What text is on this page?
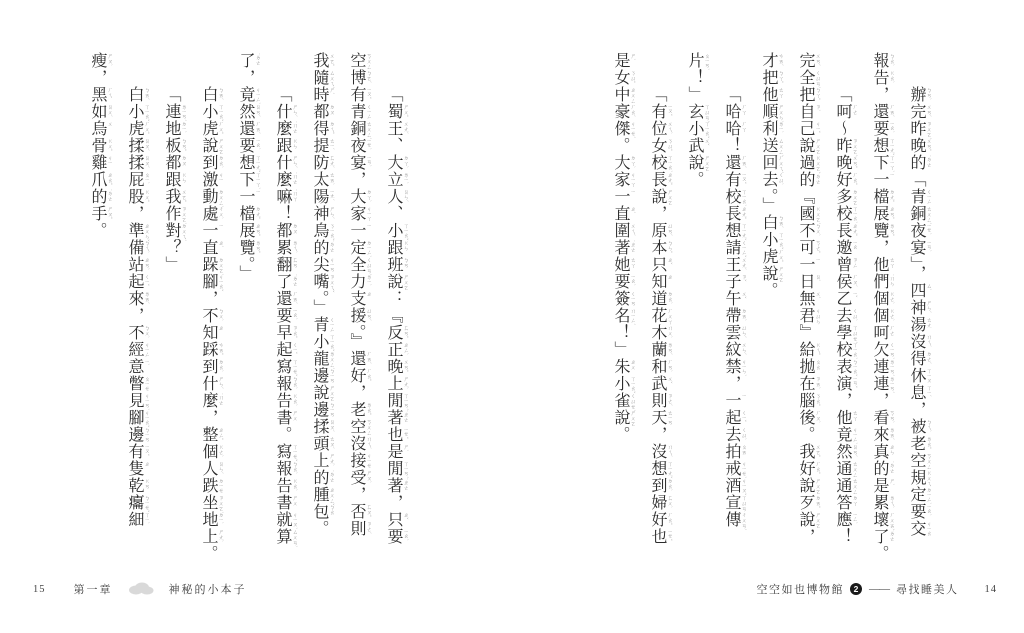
「蜀 ㄕㄨˇ
王 ㄨㄤˊ
、大 ㄉㄚˋ
立 ㄌㄧˋ
人 ㄖㄣˊ
、小 ㄒㄧㄠˇ
跟 ㄍㄣ
班 ㄅㄢ
說 ㄕㄨㄛ
：『反 ㄈㄢˇ
正 ㄓㄥˋ
晚 ㄨㄢˇ
上 ㄕㄤˋ
閒 ㄒㄧㄢˊ
著 ˙ㄓㄜ
也 ㄧㄝˇ
是 ㄕˋ
閒 ㄒㄧㄢˊ
著 ˙ㄓㄜ
，只 ㄓˇ
要 ㄧㄠˋ
空 ㄎㄨㄥ
博 ㄅㄛˊ
有 ㄧㄡˇ
青 ㄑㄧㄥ
銅 ㄊㄨㄥˊ
夜 ㄧㄝˋ
宴 ㄧㄢˋ
，大 ㄉㄚˋ
家 ㄐㄧㄚ
一 ㄧ
定 ㄉㄧㄥˋ
全 ㄑㄩㄢˊ
力 ㄌㄧˋ
支 ㄓ
援 ㄩㄢˊ
。』還 ㄏㄞˊ
好 ㄏㄠˇ
，老 ㄌㄠˇ
空 ㄎㄨㄥ
沒 ㄇㄟˊ
接 ㄐㄧㄝ
受 ㄕㄡˋ
，否 ㄈㄡˇ
則 ㄗㄜˊ
我 ㄨㄛˇ
隨 ㄙㄨㄟˊ
時 ㄕˊ
都 ㄉㄡ
得 ㄉㄟˇ
提 ㄊㄧˊ
防 ㄈㄤˊ
太 ㄊㄞˋ
陽 ㄧㄤˊ
神 ㄕㄣˊ
鳥 ㄋㄧㄠˇ
的 ˙ㄉㄜ
尖 ㄐㄧㄢ
嘴 ㄗㄨㄟˇ
。」青 ㄑㄧㄥ
小 ㄒㄧㄠˇ
龍 ㄌㄨㄥˊ
邊 ㄅㄧㄢ
說 ㄕㄨㄛ
邊 ㄅㄧㄢ
揉 ㄖㄡˊ
頭 ㄊㄡˊ
上 ㄕㄤˋ
的 ˙ㄉㄜ
腫 ㄓㄨㄥˇ
包 ㄅㄠ
。
「什 ㄕㄣˊ
麼 ˙ㄇㄜ
跟 ㄍㄣ
什 ㄕㄣˊ
麼 ˙ㄇㄜ
嘛 ˙ㄇㄚ
！都 ㄉㄡ
累 ㄌㄟˋ
翻 ㄈㄢ
了 ˙ㄌㄜ
還 ㄏㄞˊ
要 ㄧㄠˋ
早 ㄗㄠˇ
起 ㄑㄧˇ
寫 ㄒㄧㄝˇ
報 ㄅㄠˋ
告 ㄍㄠˋ
書 ㄕㄨ
。寫 ㄒㄧㄝˇ
報 ㄅㄠˋ
告 ㄍㄠˋ
書 ㄕㄨ
就 ㄐㄧㄡˋ
算 ㄙㄨㄢˋ
了 ˙ㄌㄜ
，竟 ㄐㄧㄥˋ
然 ㄖㄢˊ
還 ㄏㄞˊ
要 ㄧㄠˋ
想 ㄒㄧㄤˇ
下 ㄒㄧㄚˋ
一 ㄧ
檔 ㄉㄤˇ
展 ㄓㄢˇ
覽 ㄌㄢˇ
。」
白 ㄅㄞˊ
小 ㄒㄧㄠˇ
虎 ㄏㄨˇ
說 ㄕㄨㄛ
到 ㄉㄠˋ
激 ㄐㄧ
動 ㄉㄨㄥˋ
處 ㄔㄨˋ
一 ㄧ
直 ㄓˊ
跺 ㄉㄨㄛˋ
腳 ㄐㄧㄠˇ
，不 ㄅㄨˋ
知 ㄓ
踩 ㄘㄞˇ
到 ㄉㄠˋ
什 ㄕㄣˊ
麼 ˙ㄇㄜ
，整 ㄓㄥˇ
個 ㄍㄜˋ
人 ㄖㄣˊ
跌 ㄉㄧㄝ
坐 ㄗㄨㄛˋ
地 ㄉㄧˋ
上 ㄕㄤˋ
。
「連 ㄌㄧㄢˊ
地 ㄉㄧˋ
板 ㄅㄢˇ
都 ㄉㄡ
跟 ㄍㄣ
我 ㄨㄛˇ
作 ㄗㄨㄛˋ
對 ㄉㄨㄟˋ
？」
白 ㄅㄞˊ
小 ㄒㄧㄠˇ
虎 ㄏㄨˇ
揉 ㄖㄡˊ
揉 ㄖㄡˊ
屁 ㄆㄧˋ
股 ㄍㄨˇ
，準 ㄓㄨㄣˇ
備 ㄅㄟˋ
站 ㄓㄢˋ
起 ㄑㄧˇ
來 ㄌㄞˊ
，不 ㄅㄨˋ
經 ㄐㄧㄥ
意 ㄧˋ
瞥 ㄆㄧㄝ
見 ㄐㄧㄢˋ
腳 ㄐㄧㄠˇ
邊 ㄅㄧㄢ
有 ㄧㄡˇ
隻 ㄓ
乾 ㄍㄢ
癟 ㄅㄧㄝˇ
細 ㄒㄧˋ
瘦 ㄕㄡˋ
，黑 ㄏㄟ
如 ㄖㄨˊ
烏 ㄨ
骨 ㄍㄨˇ
雞 ㄐㄧ
爪 ㄓㄠˇ
的 ˙ㄉㄜ
手 ㄕㄡˇ
。
15	第一章	神秘的小本子
辦 ㄅㄢˋ
完 ㄨㄢˊ
昨 ㄗㄨㄛˊ
晚 ㄨㄢˇ
的 ˙ㄉㄜ
「青 ㄑㄧㄥ
銅 ㄊㄨㄥˊ
夜 ㄧㄝˋ
宴 ㄧㄢˋ
」，四 ㄙˋ
神 ㄕㄣˊ
湯 ㄊㄤ
沒 ㄇㄟˊ
得 ㄉㄜˊ
休 ㄒㄧㄡ
息 ㄒㄧˊ
，被 ㄅㄟˋ
老 ㄌㄠˇ
空 ㄎㄨㄥ
規 ㄍㄨㄟ
定 ㄉㄧㄥˋ
要 ㄧㄠˋ
交 ㄐㄧㄠ
報 ㄅㄠˋ
告 ㄍㄠˋ
，還 ㄏㄞˊ
要 ㄧㄠˋ
想 ㄒㄧㄤˇ
下 ㄒㄧㄚˋ
一 ㄧ
檔 ㄉㄤˇ
展 ㄓㄢˇ
覽 ㄌㄢˇ
，他 ㄊㄚ
們 ˙ㄇㄣ
個 ㄍㄜˋ
個 ㄍㄜˋ
呵 ㄏㄜ
欠 ㄑㄧㄢˋ
連 ㄌㄧㄢˊ
連 ㄌㄧㄢˊ
，看 ㄎㄢˋ
來 ㄌㄞˊ
真 ㄓㄣ
的 ˙ㄉㄜ
是 ㄕˋ
累 ㄌㄟˋ
壞 ㄏㄨㄞˋ
了 ˙ㄌㄜ
。
「呵 ㄏㄜ
～昨 ㄗㄨㄛˊ
晚 ㄨㄢˇ
好 ㄏㄠˇ
多 ㄉㄨㄛ
校 ㄒㄧㄠˋ
長 ㄓㄤˇ
邀 ㄧㄠ
曾 ㄗㄥ
侯 ㄏㄡˊ
乙 ㄧˇ
去 ㄑㄩˋ
學 ㄒㄩㄝˊ
校 ㄒㄧㄠˋ
表 ㄅㄧㄠˇ
演 ㄧㄢˇ
，他 ㄊㄚ
竟 ㄐㄧㄥˋ
然 ㄖㄢˊ
通 ㄊㄨㄥ
通 ㄊㄨㄥ
答 ㄉㄚ
應 ㄧㄥˋ
！
完 ㄨㄢˊ
全 ㄑㄩㄢˊ
把 ㄅㄚˇ
自 ㄗˋ
己 ㄐㄧˇ
說 ㄕㄨㄛ
過 ㄍㄨㄛˋ
的 ˙ㄉㄜ
『國 ㄍㄨㄛˊ
不 ㄅㄨˋ
可 ㄎㄜˇ
一 ㄧ
日 ㄖˋ
無 ㄨˊ
君 ㄐㄩㄣ
』給 ㄍㄟˇ
拋 ㄆㄠ
在 ㄗㄞˋ
腦 ㄋㄠˇ
後 ㄏㄡˋ
。我 ㄨㄛˇ
好 ㄏㄠˇ
說 ㄕㄨㄛ
歹 ㄉㄞˇ
說 ㄕㄨㄛ
，
才 ㄘㄞˊ
把 ㄅㄚˇ
他 ㄊㄚ
順 ㄕㄨㄣˋ
利 ㄌㄧˋ
送 ㄙㄨㄥˋ
回 ㄏㄨㄟˊ
去 ㄑㄩˋ
。」白 ㄅㄞˊ
小 ㄒㄧㄠˇ
虎 ㄏㄨˇ
說 ㄕㄨㄛ
。
「哈 ㄏㄚ
哈 ㄏㄚ
！還 ㄏㄞˊ
有 ㄧㄡˇ
校 ㄒㄧㄠˋ
長 ㄓㄤˇ
想 ㄒㄧㄤˇ
請 ㄑㄧㄥˇ
王 ㄨㄤˊ
子 ㄗˇ
午 ㄨˇ
帶 ㄉㄞˋ
雲 ㄩㄣˊ
紋 ㄨㄣˊ
禁 ㄐㄧㄣˋ
，一 ㄧ
起 ㄑㄧˇ
去 ㄑㄩˋ
拍 ㄆㄞ
戒 ㄐㄧㄝˋ
酒 ㄐㄧㄡˇ
宣 ㄒㄩㄢ
傳 ㄔㄨㄢˊ
片 ㄆㄧㄢˋ
！」玄 ㄒㄩㄢˊ
小 ㄒㄧㄠˇ
武 ㄨˇ
說 ㄕㄨㄛ
。
「有 ㄧㄡˇ
位 ㄨㄟˋ
女 ㄋㄩˇ
校 ㄒㄧㄠˋ
長 ㄓㄤˇ
說 ㄕㄨㄛ
，原 ㄩㄢˊ
本 ㄅㄣˇ
只 ㄓˇ
知 ㄓ
道 ㄉㄠˋ
花 ㄏㄨㄚ
木 ㄇㄨˋ
蘭 ㄌㄢˊ
和 ㄏㄢˋ
武 ㄨˇ
則 ㄗㄜˊ
天 ㄊㄧㄢ
，沒 ㄇㄟˊ
想 ㄒㄧㄤˇ
到 ㄉㄠˋ
婦 ㄈㄨˋ
好 ㄏㄠˇ
也 ㄧㄝˇ
是 ㄕˋ
女 ㄋㄩˇ
中 ㄓㄨㄥ
豪 ㄏㄠˊ
傑 ㄐㄧㄝˊ
。大 ㄉㄚˋ
家 ㄐㄧㄚ
一 ㄧ
直 ㄓˊ
圍 ㄨㄟˊ
著 ˙ㄓㄜ
她 ㄊㄚ
要 ㄧㄠˋ
簽 ㄑㄧㄢ
名 ㄇㄧㄥˊ
！」朱 ㄓㄨ
小 ㄒㄧㄠˇ
雀 ㄑㄩㄝˋ
說 ㄕㄨㄛ
。
空空如也博物館	2 —— 尋找睡美人 14
